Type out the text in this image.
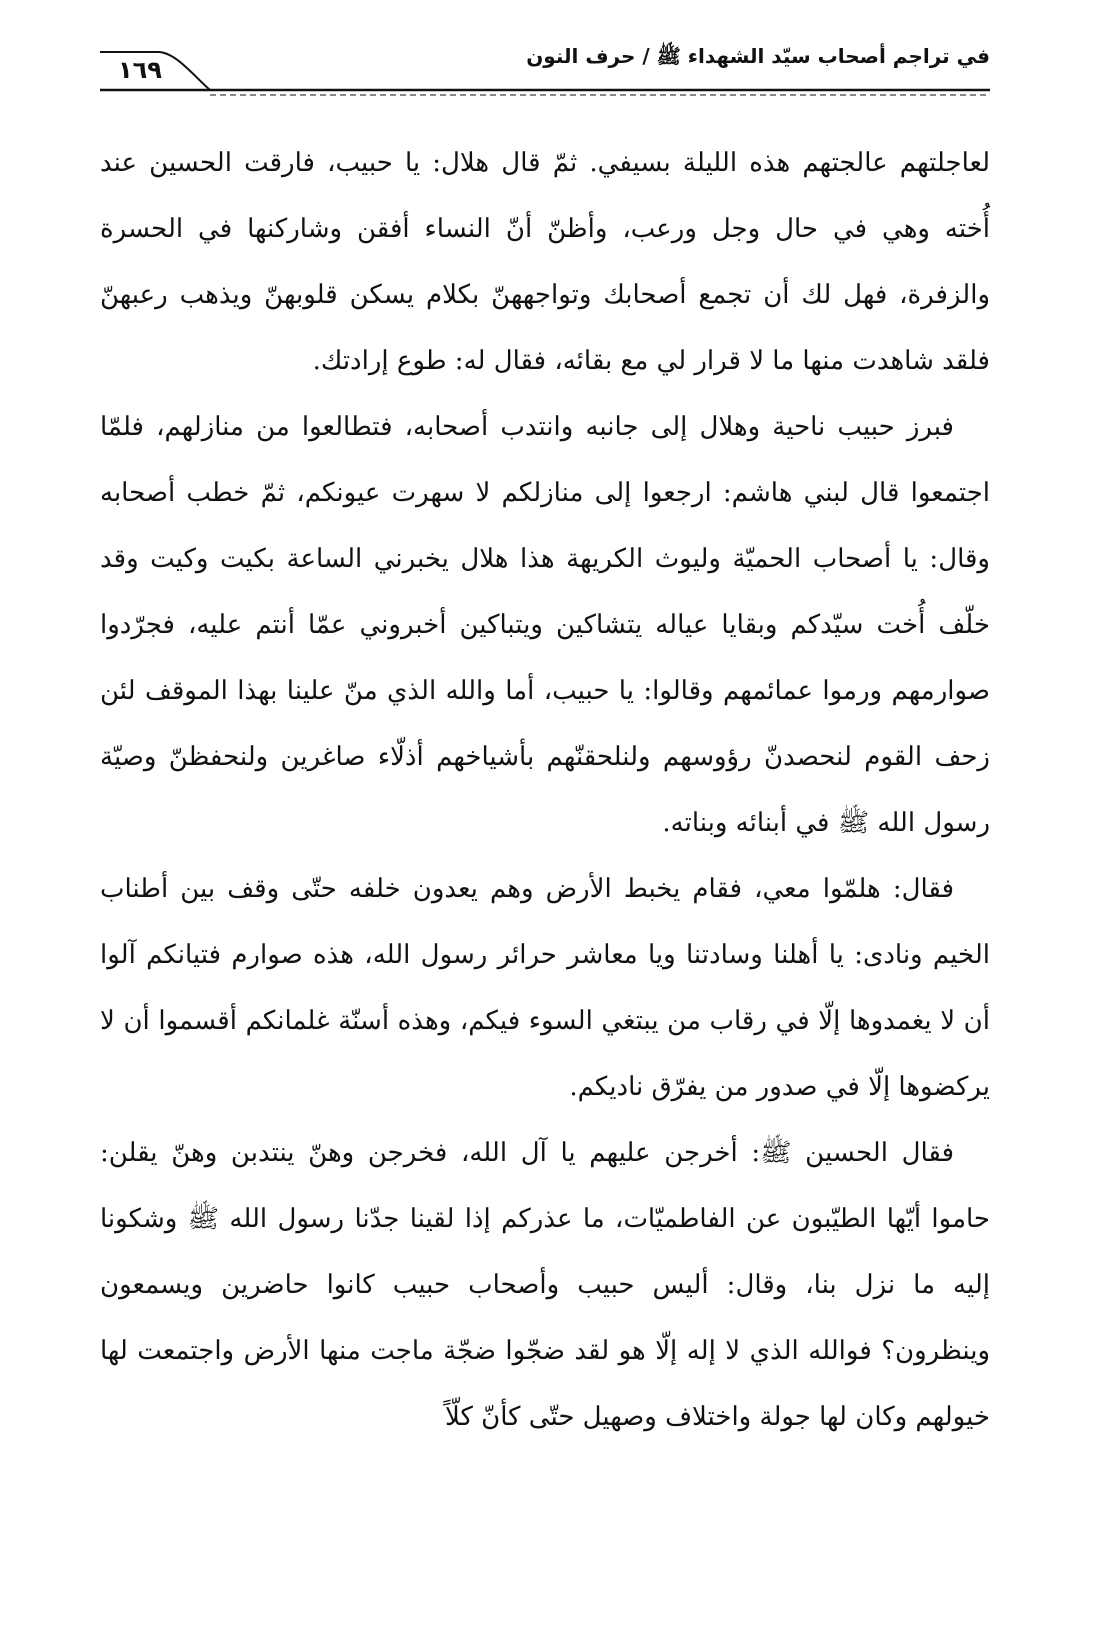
١٦٩	في تراجم أصحاب سيّد الشهداء ﷺ / حرف النون

لعاجلتهم عالجتهم هذه الليلة بسيفي. ثمّ قال هلال: يا حبيب، فارقت الحسين عند أُخته وهي في حال وجل ورعب، وأظنّ أنّ النساء أفقن وشاركنها في الحسرة والزفرة، فهل لك أن تجمع أصحابك وتواجههنّ بكلام يسكن قلوبهنّ ويذهب رعبهنّ فلقد شاهدت منها ما لا قرار لي مع بقائه، فقال له: طوع إرادتك.

فبرز حبيب ناحية وهلال إلى جانبه وانتدب أصحابه، فتطالعوا من منازلهم، فلمّا اجتمعوا قال لبني هاشم: ارجعوا إلى منازلكم لا سهرت عيونكم، ثمّ خطب أصحابه وقال: يا أصحاب الحميّة وليوث الكريهة هذا هلال يخبرني الساعة بكيت وكيت وقد خلّف أُخت سيّدكم وبقايا عياله يتشاكين ويتباكين أخبروني عمّا أنتم عليه، فجرّدوا صوارمهم ورموا عمائمهم وقالوا: يا حبيب، أما والله الذي منّ علينا بهذا الموقف لئن زحف القوم لنحصدنّ رؤوسهم ولنلحقنّهم بأشياخهم أذلّاء صاغرين ولنحفظنّ وصيّة رسول الله ﷺ في أبنائه وبناته.

فقال: هلمّوا معي، فقام يخبط الأرض وهم يعدون خلفه حتّى وقف بين أطناب الخيم ونادى: يا أهلنا وسادتنا ويا معاشر حرائر رسول الله، هذه صوارم فتيانكم آلوا أن لا يغمدوها إلّا في رقاب من يبتغي السوء فيكم، وهذه أسنّة غلمانكم أقسموا أن لا يركضوها إلّا في صدور من يفرّق ناديكم.

فقال الحسين ﷺ: أخرجن عليهم يا آل الله، فخرجن وهنّ ينتدبن وهنّ يقلن: حاموا أيّها الطيّبون عن الفاطميّات، ما عذركم إذا لقينا جدّنا رسول الله ﷺ وشكونا إليه ما نزل بنا، وقال: أليس حبيب وأصحاب حبيب كانوا حاضرين ويسمعون وينظرون؟ فوالله الذي لا إله إلّا هو لقد ضجّوا ضجّة ماجت منها الأرض واجتمعت لها خيولهم وكان لها جولة واختلاف وصهيل حتّى كأنّ كلّاً
